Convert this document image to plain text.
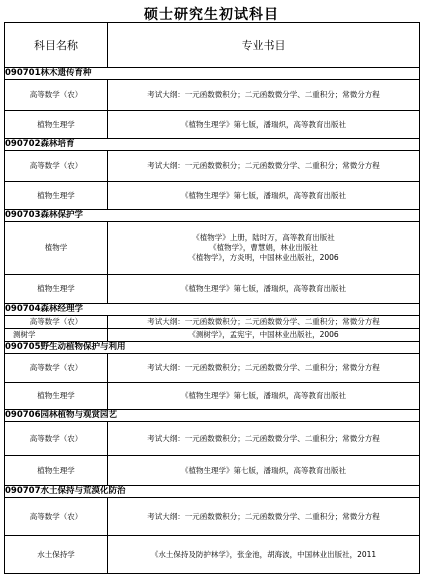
硕士研究生初试科目
科目名称	专业书目
090701林木遗传育种	
高等数学（农）	考试大纲：一元函数微积分；二元函数微分学、二重积分；常微分方程

植物生理学	《植物生理学》第七版，潘瑞炽，高等教育出版社

090702森林培育	
高等数学（农）	考试大纲：一元函数微积分；二元函数微分学、二重积分；常微分方程

植物生理学	《植物生理学》第七版，潘瑞炽，高等教育出版社

090703森林保护学	
植物学	《植物学》上册，陆时万，高等教育出版社
《植物学》，曹慧娟，林业出版社
《植物学》，方炎明，中国林业出版社，2006

植物生理学	《植物生理学》第七版，潘瑞炽，高等教育出版社

090704森林经理学	
高等数学（农）	考试大纲：一元函数微积分；二元函数微分学、二重积分；常微分方程

测树学	《测树学》，孟宪宇，中国林业出版社，2006

090705野生动植物保护与利用	
高等数学（农）	考试大纲：一元函数微积分；二元函数微分学、二重积分；常微分方程

植物生理学	《植物生理学》第七版，潘瑞炽，高等教育出版社

090706园林植物与观赏园艺	
高等数学（农）	考试大纲：一元函数微积分；二元函数微分学、二重积分；常微分方程

植物生理学	《植物生理学》第七版，潘瑞炽，高等教育出版社

090707水土保持与荒漠化防治	
高等数学（农）	考试大纲：一元函数微积分；二元函数微分学、二重积分；常微分方程

水土保持学	《水土保持及防护林学》，张金池，胡海波，中国林业出版社，2011
